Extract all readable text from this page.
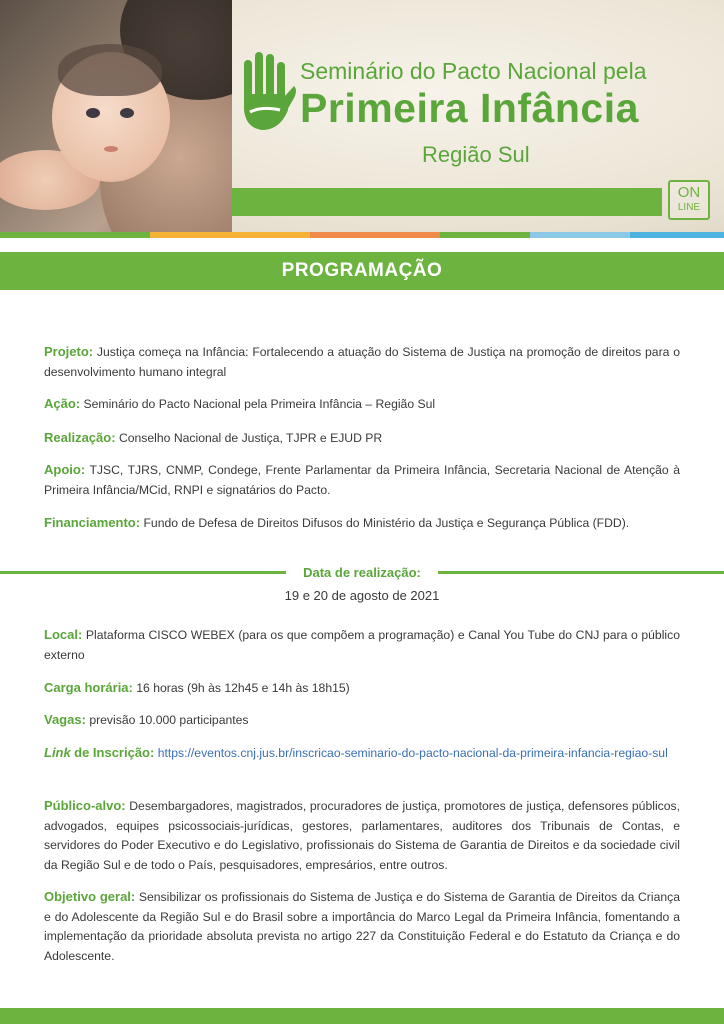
Seminário do Pacto Nacional pela
Primeira Infância
Região Sul
ON
LINE
PROGRAMAÇÃO

Projeto: Justiça começa na Infância: Fortalecendo a atuação do Sistema de Justiça na promoção de direitos para o desenvolvimento humano integral

Ação: Seminário do Pacto Nacional pela Primeira Infância – Região Sul

Realização: Conselho Nacional de Justiça, TJPR e EJUD PR

Apoio: TJSC, TJRS, CNMP, Condege, Frente Parlamentar da Primeira Infância, Secretaria Nacional de Atenção à Primeira Infância/MCid, RNPI e signatários do Pacto.

Financiamento: Fundo de Defesa de Direitos Difusos do Ministério da Justiça e Segurança Pública (FDD).

Data de realização:
19 e 20 de agosto de 2021

Local: Plataforma CISCO WEBEX (para os que compõem a programação) e Canal You Tube do CNJ para o público externo

Carga horária: 16 horas (9h às 12h45 e 14h às 18h15)

Vagas: previsão 10.000 participantes

Link de Inscrição: https://eventos.cnj.jus.br/inscricao-seminario-do-pacto-nacional-da-primeira-infancia-regiao-sul

Público-alvo: Desembargadores, magistrados, procuradores de justiça, promotores de justiça, defensores públicos, advogados, equipes psicossociais-jurídicas, gestores, parlamentares, auditores dos Tribunais de Contas, e servidores do Poder Executivo e do Legislativo, profissionais do Sistema de Garantia de Direitos e da sociedade civil da Região Sul e de todo o País, pesquisadores, empresários, entre outros.

Objetivo geral: Sensibilizar os profissionais do Sistema de Justiça e do Sistema de Garantia de Direitos da Criança e do Adolescente da Região Sul e do Brasil sobre a importância do Marco Legal da Primeira Infância, fomentando a implementação da prioridade absoluta prevista no artigo 227 da Constituição Federal e do Estatuto da Criança e do Adolescente.
